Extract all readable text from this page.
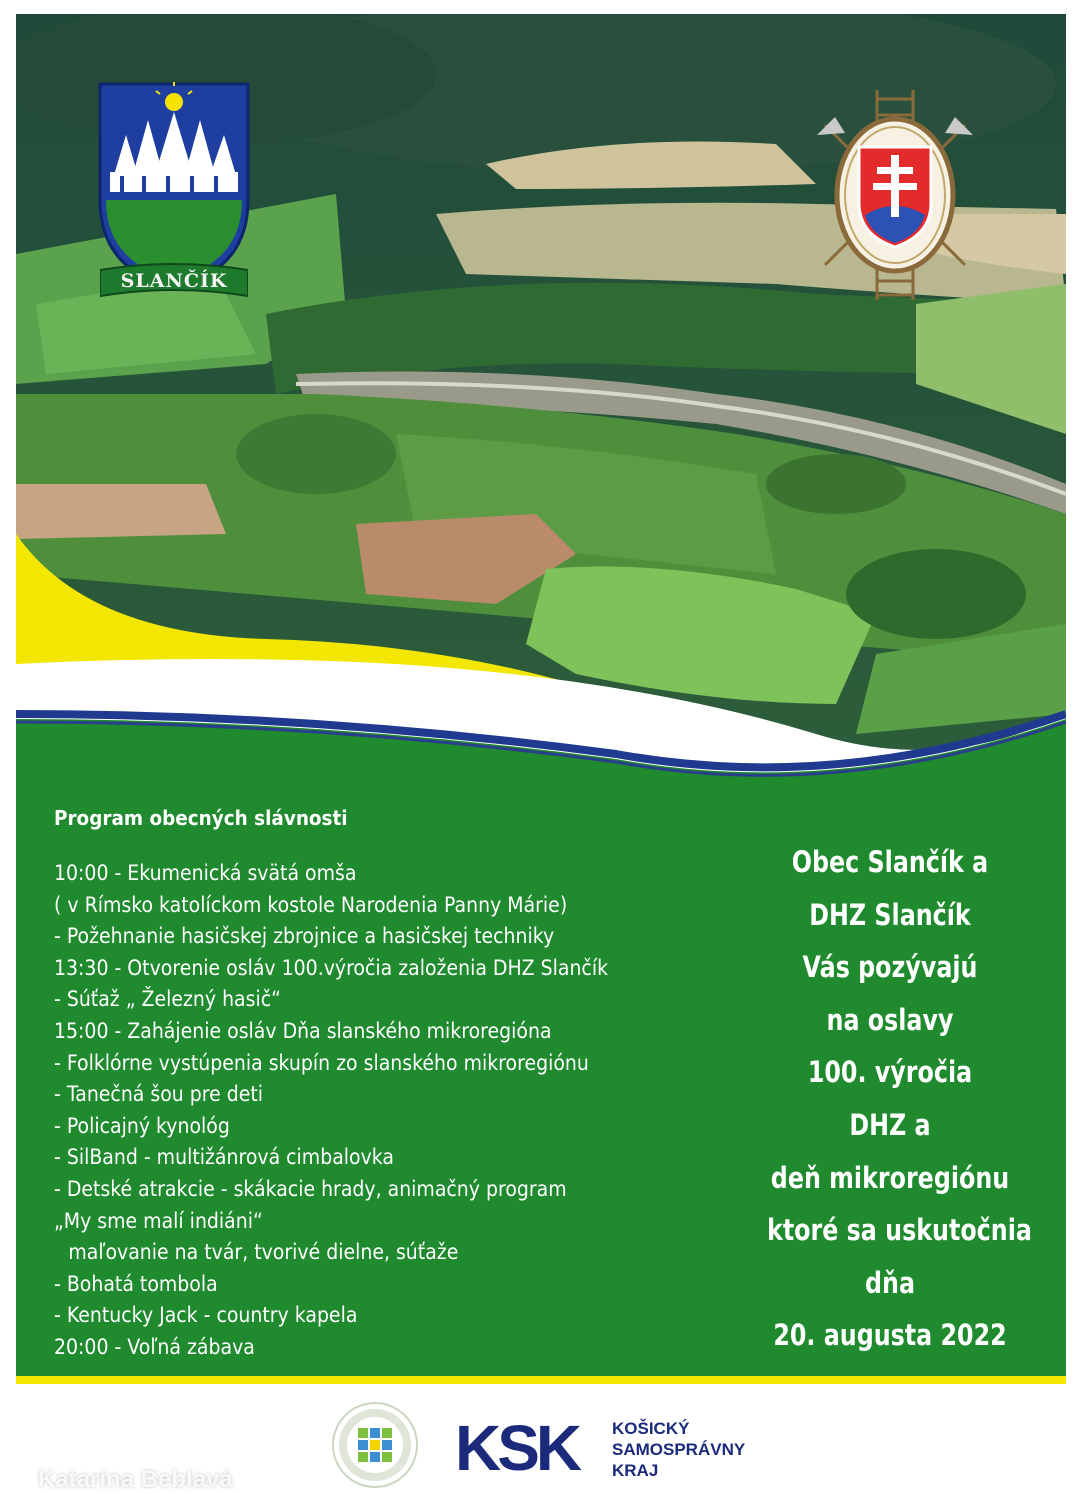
SLANČÍK
Program obecných slávnosti
10:00 - Ekumenická svätá omša
( v Rímsko katolíckom kostole Narodenia Panny Márie)
- Požehnanie hasičskej zbrojnice a hasičskej techniky
13:30 - Otvorenie osláv 100.výročia založenia DHZ Slančík
- Súťaž „ Železný hasič“
15:00 - Zahájenie osláv Dňa slanského mikroregióna
- Folklórne vystúpenia skupín zo slanského mikroregiónu
- Tanečná šou pre deti
- Policajný kynológ
- SilBand - multižánrová cimbalovka
- Detské atrakcie - skákacie hrady, animačný program
„My sme malí indiáni“
maľovanie na tvár, tvorivé dielne, súťaže
- Bohatá tombola
- Kentucky Jack - country kapela
20:00 - Voľná zábava
Obec Slančík a
DHZ Slančík
Vás pozývajú
na oslavy
100. výročia
DHZ a
deň mikroregiónu
ktoré sa uskutočnia
dňa
20. augusta 2022
KSK KOŠICKÝ
SAMOSPRÁVNY
KRAJ
Katarína Beblavá
